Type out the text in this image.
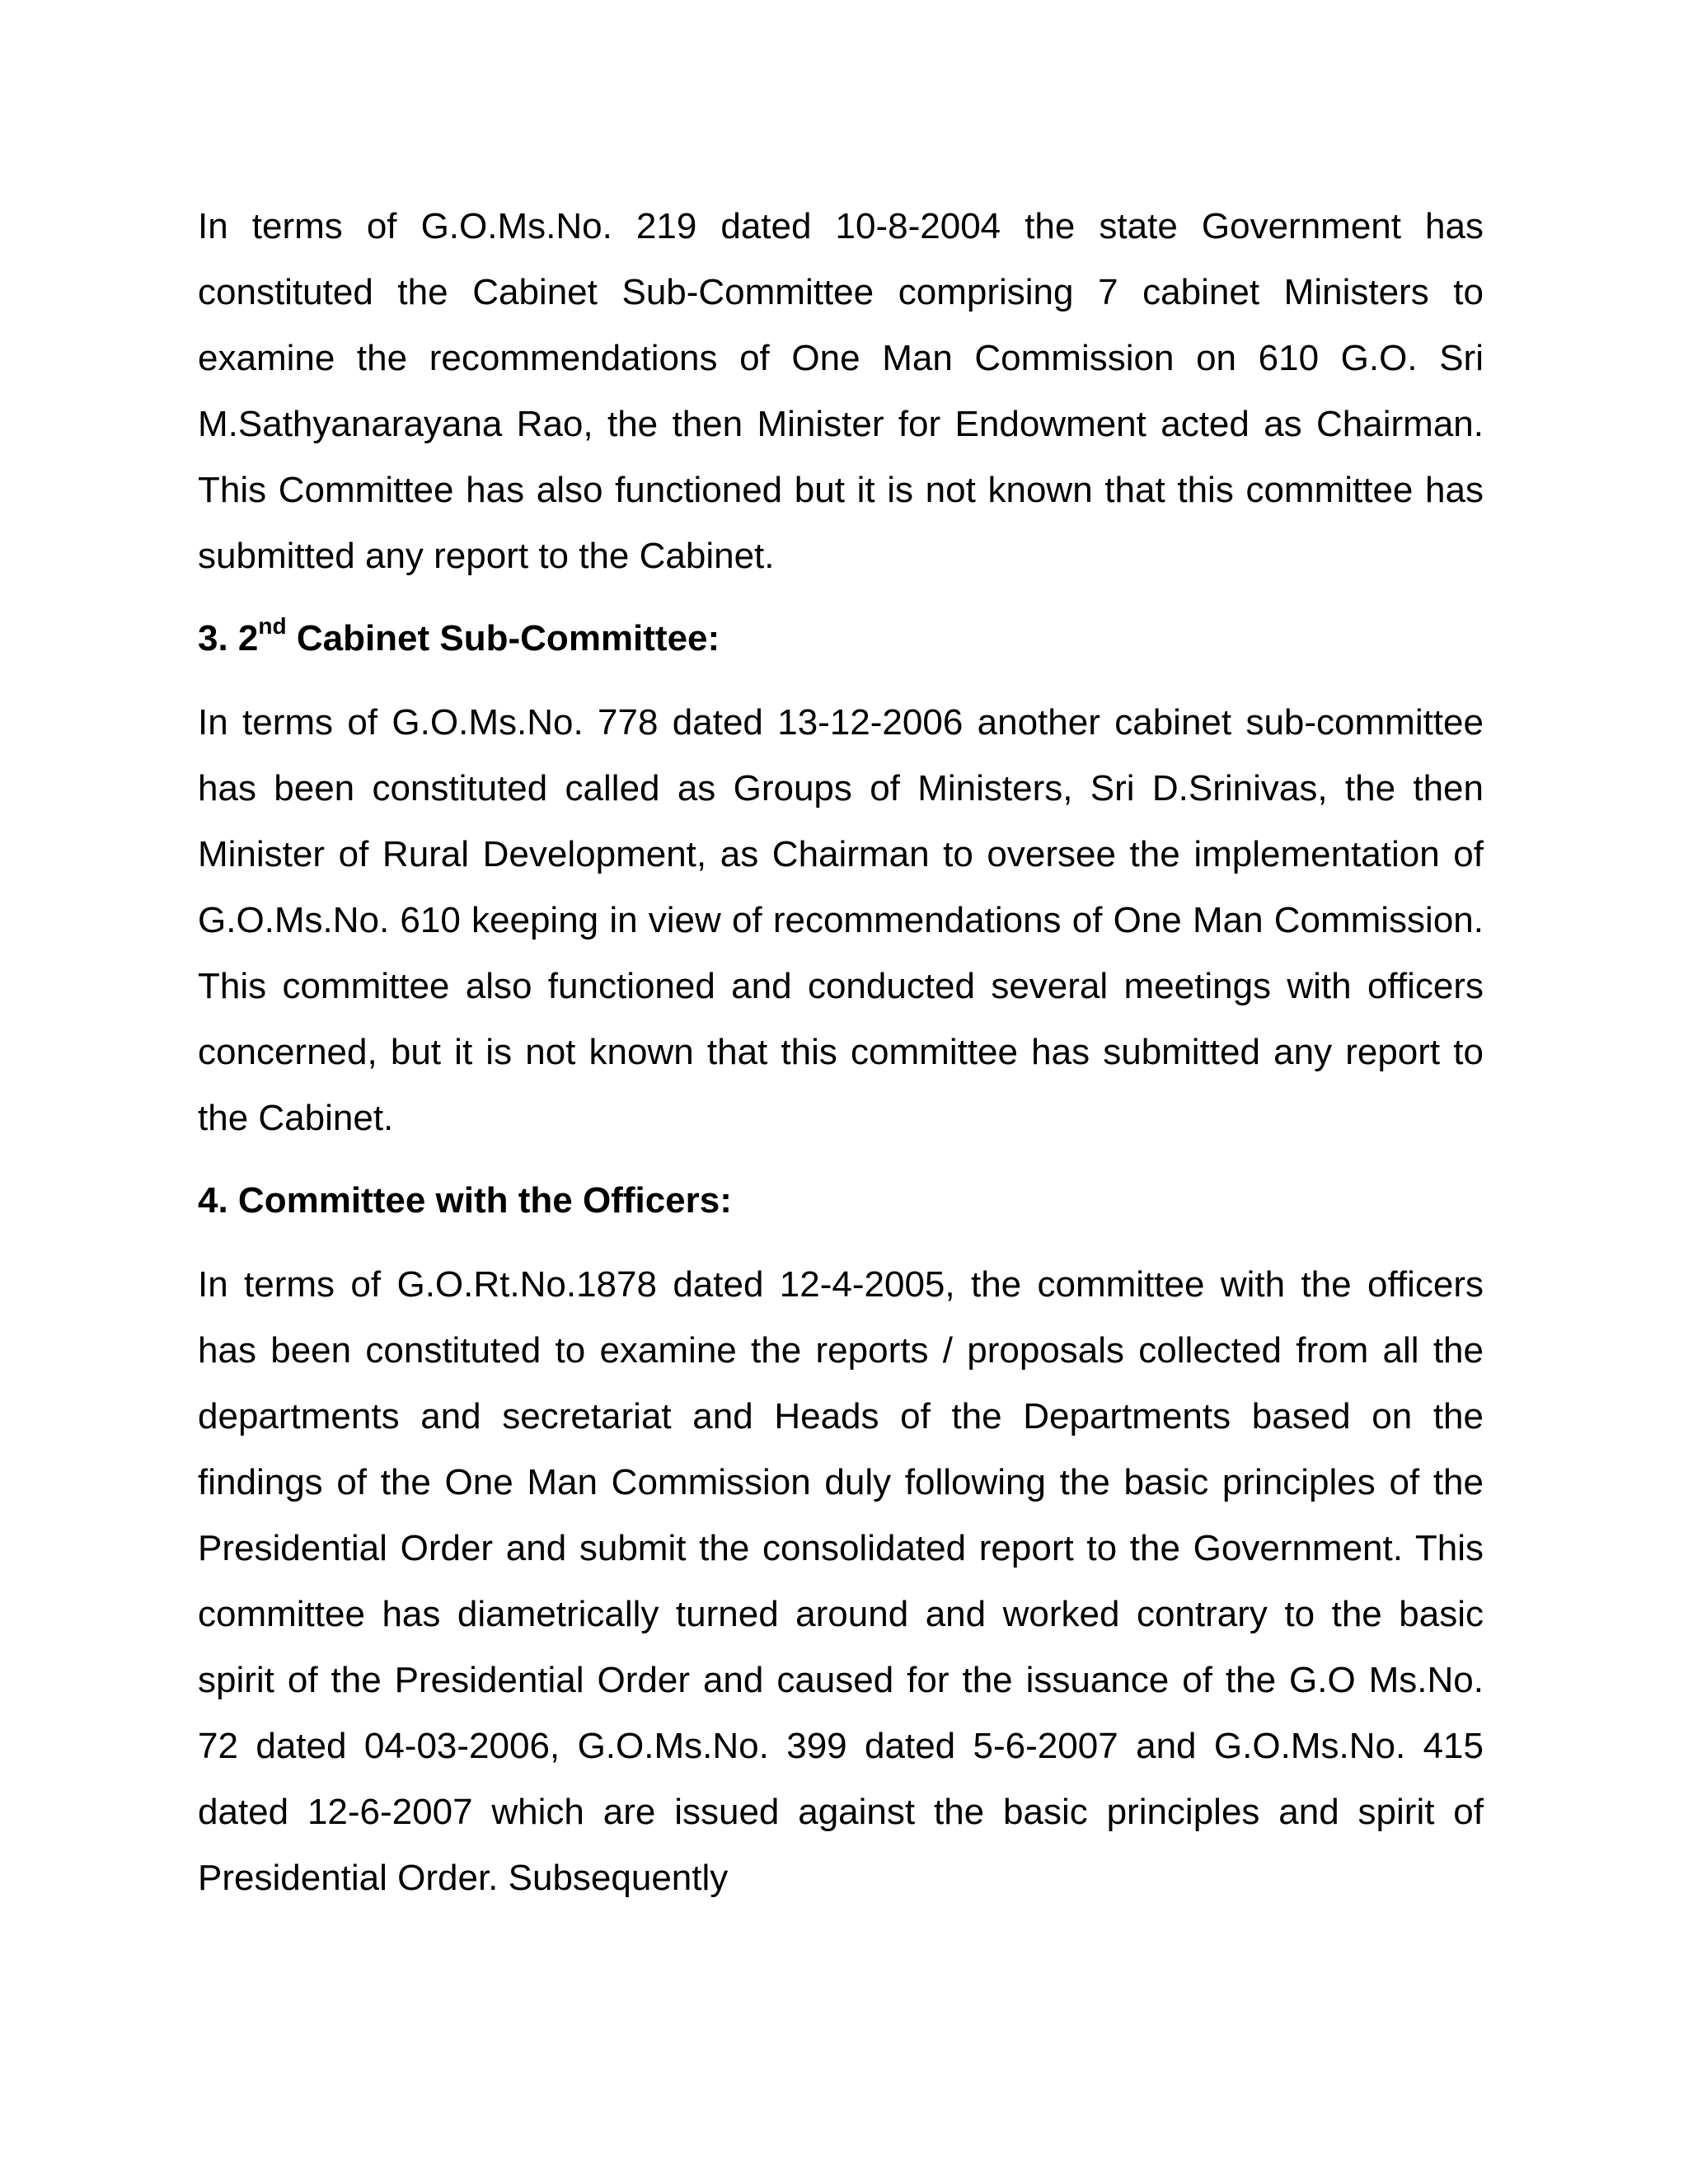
In terms of G.O.Ms.No. 219 dated 10-8-2004 the state Government has constituted the Cabinet Sub-Committee comprising 7 cabinet Ministers to examine the recommendations of One Man Commission on 610 G.O. Sri M.Sathyanarayana Rao, the then Minister for Endowment acted as Chairman. This Committee has also functioned but it is not known that this committee has submitted any report to the Cabinet.

3. 2nd Cabinet Sub-Committee:

In terms of G.O.Ms.No. 778 dated 13-12-2006 another cabinet sub-committee has been constituted called as Groups of Ministers, Sri D.Srinivas, the then Minister of Rural Development, as Chairman to oversee the implementation of G.O.Ms.No. 610 keeping in view of recommendations of One Man Commission. This committee also functioned and conducted several meetings with officers concerned, but it is not known that this committee has submitted any report to the Cabinet.

4. Committee with the Officers:

In terms of G.O.Rt.No.1878 dated 12-4-2005, the committee with the officers has been constituted to examine the reports / proposals collected from all the departments and secretariat and Heads of the Departments based on the findings of the One Man Commission duly following the basic principles of the Presidential Order and submit the consolidated report to the Government. This committee has diametrically turned around and worked contrary to the basic spirit of the Presidential Order and caused for the issuance of the G.O Ms.No. 72 dated 04-03-2006, G.O.Ms.No. 399 dated 5-6-2007 and G.O.Ms.No. 415 dated 12-6-2007 which are issued against the basic principles and spirit of Presidential Order. Subsequently
